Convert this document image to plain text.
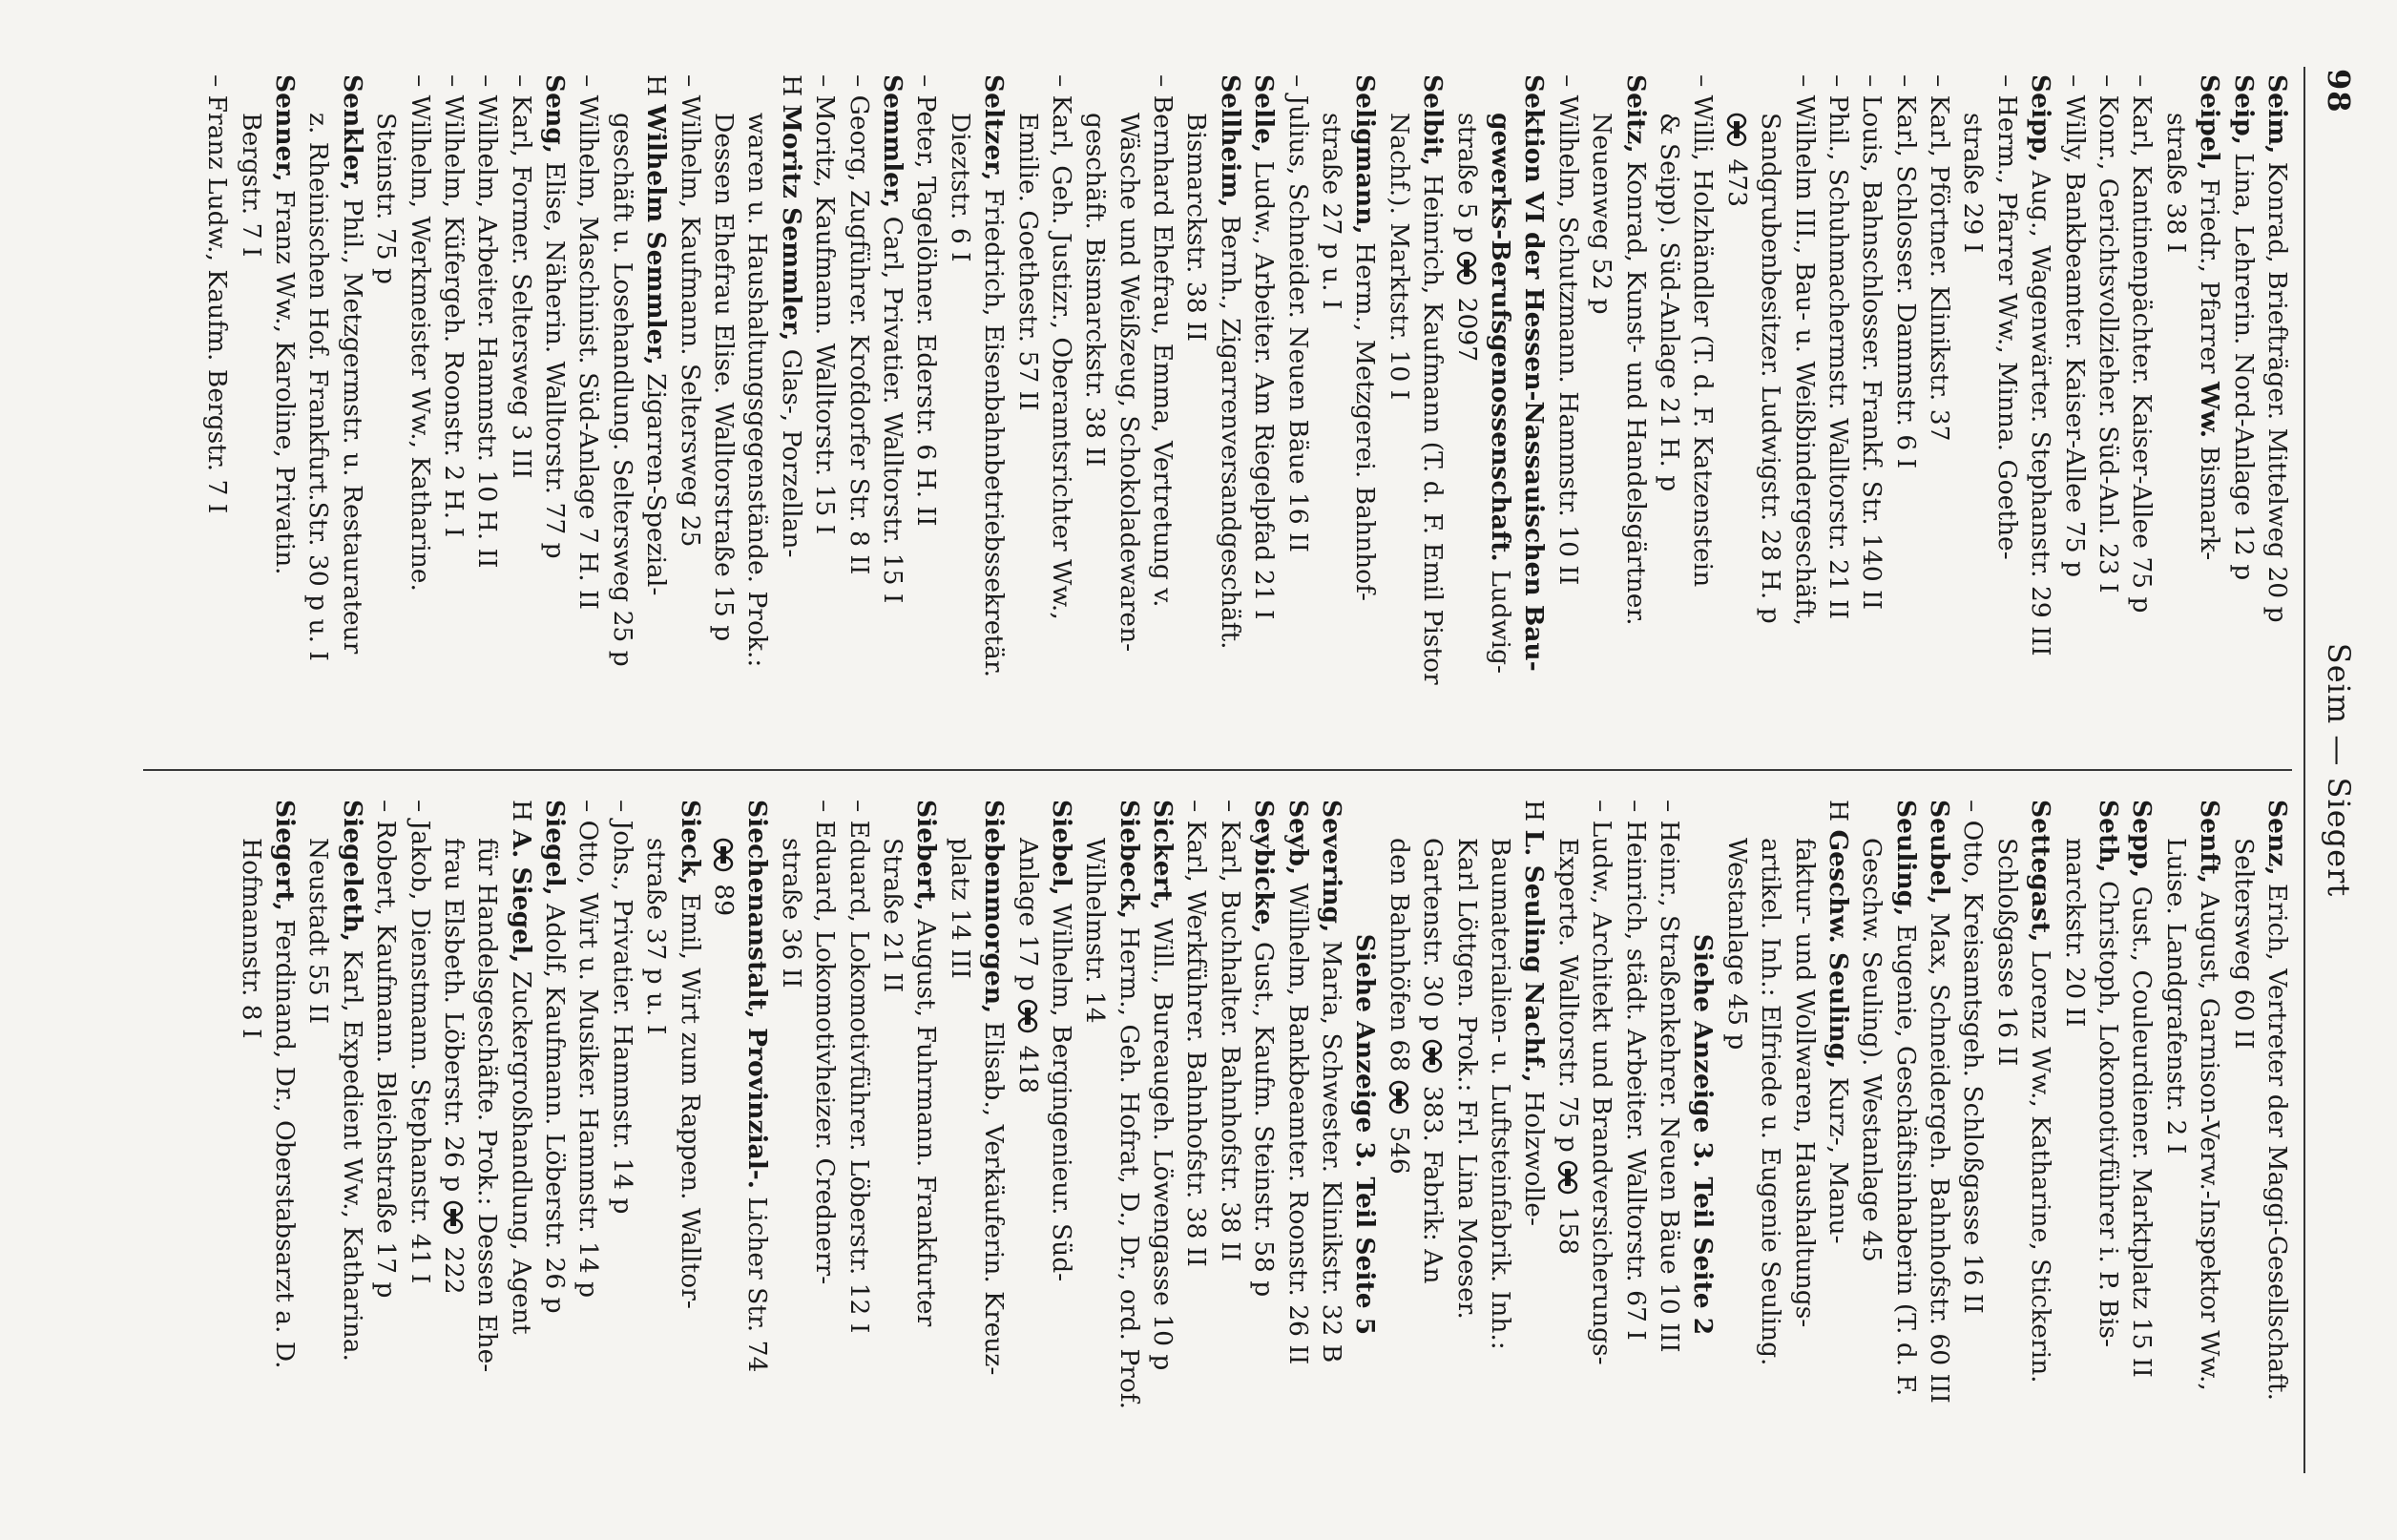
98
Seim — Siegert
Seim, Konrad, Briefträger. Mittelweg 20 p
Seip, Lina, Lehrerin. Nord-Anlage 12 p
Seipel, Friedr., Pfarrer Ww. Bismark-
straße 38 I
– Karl, Kantinenpächter. Kaiser-Allee 75 p
– Konr., Gerichtsvollzieher. Süd-Anl. 23 I
– Willy, Bankbeamter. Kaiser-Allee 75 p
Seipp, Aug., Wagenwärter. Stephanstr. 29 III
– Herm., Pfarrer Ww., Minna. Goethe-
straße 29 I
– Karl, Pförtner. Klinikstr. 37
– Karl, Schlosser. Dammstr. 6 I
– Louis, Bahnschlosser. Frankf. Str. 140 II
– Phil., Schuhmachermstr. Walltorstr. 21 II
– Wilhelm III., Bau- u. Weißbindergeschäft,
Sandgrubenbesitzer. Ludwigstr. 28 H. p
473
– Willi, Holzhändler (T. d. F. Katzenstein
& Seipp). Süd-Anlage 21 H. p
Seitz, Konrad, Kunst- und Handelsgärtner.
Neuenweg 52 p
– Wilhelm, Schutzmann. Hammstr. 10 II
Sektion VI der Hessen-Nassauischen Bau-
gewerks-Berufsgenossenschaft. Ludwig-
straße 5 p  2097
Selbit, Heinrich, Kaufmann (T. d. F. Emil Pistor
Nachf.). Marktstr. 10 I
Seligmann, Herm., Metzgerei. Bahnhof-
straße 27 p u. I
– Julius, Schneider. Neuen Bäue 16 II
Selle, Ludw., Arbeiter. Am Riegelpfad 21 I
Sellheim, Bernh., Zigarrenversandgeschäft.
Bismarckstr. 38 II
– Bernhard Ehefrau, Emma, Vertretung v.
Wäsche und Weißzeug, Schokoladewaren-
geschäft. Bismarckstr. 38 II
– Karl, Geh. Justizr., Oberamtsrichter Ww.,
Emilie. Goethestr. 57 II
Seltzer, Friedrich, Eisenbahnbetriebssekretär.
Dieztstr. 6 I
– Peter, Tagelöhner. Ederstr. 6 H. II
Semmler, Carl, Privatier. Walltorstr. 15 I
– Georg, Zugführer. Krofdorfer Str. 8 II
– Moritz, Kaufmann. Walltorstr. 15 I
H Moritz Semmler, Glas-, Porzellan-
waren u. Haushaltungsgegenstände. Prok.:
Dessen Ehefrau Elise. Walltorstraße 15 p
– Wilhelm, Kaufmann. Seltersweg 25
H Wilhelm Semmler, Zigarren-Spezial-
geschäft u. Losehandlung. Seltersweg 25 p
– Wilhelm, Maschinist. Süd-Anlage 7 H. II
Seng, Elise, Näherin. Walltorstr. 77 p
– Karl, Former. Seltersweg 3 III
– Wilhelm, Arbeiter. Hammstr. 10 H. II
– Wilhelm, Küfergeh. Roonstr. 2 H. I
– Wilhelm, Werkmeister Ww., Katharine.
Steinstr. 75 p
Senkler, Phil., Metzgermstr. u. Restaurateur
z. Rheinischen Hof. Frankfurt.Str. 30 p u. I
Senner, Franz Ww., Karoline, Privatin.
Bergstr. 7 I
– Franz Ludw., Kaufm. Bergstr. 7 I
Senz, Erich, Vertreter der Maggi-Gesellschaft.
Seltersweg 60 II
Senft, August, Garnison-Verw.-Inspektor Ww.,
Luise. Landgrafenstr. 2 I
Sepp, Gust., Couleurdiener. Marktplatz 15 II
Seth, Christoph, Lokomotivführer i. P. Bis-
marckstr. 20 II
Settegast, Lorenz Ww., Katharine, Stickerin.
Schloßgasse 16 II
– Otto, Kreisamtsgeh. Schloßgasse 16 II
Seubel, Max, Schneidergeh. Bahnhofstr. 60 III
Seuling, Eugenie, Geschäftsinhaberin (T. d. F.
Geschw. Seuling). Westanlage 45
H Geschw. Seuling, Kurz-, Manu-
faktur- und Wollwaren, Haushaltungs-
artikel. Inh.: Elfriede u. Eugenie Seuling.
Westanlage 45 p
Siehe Anzeige 3. Teil Seite 2
– Heinr., Straßenkehrer. Neuen Bäue 10 III
– Heinrich, städt. Arbeiter. Walltorstr. 67 I
– Ludw., Architekt und Brandversicherungs-
Experte. Walltorstr. 75 p  158
H L. Seuling Nachf., Holzwolle-
Baumaterialien- u. Luftsteinfabrik. Inh.:
Karl Löttgen. Prok.: Frl. Lina Moeser.
Gartenstr. 30 p  383. Fabrik: An
den Bahnhöfen 68  546
Siehe Anzeige 3. Teil Seite 5
Severing, Maria, Schwester. Klinikstr. 32 B
Seyb, Wilhelm, Bankbeamter. Roonstr. 26 II
Seybicke, Gust., Kaufm. Steinstr. 58 p
– Karl, Buchhalter. Bahnhofstr. 38 II
– Karl, Werkführer. Bahnhofstr. 38 II
Sickert, Will., Bureaugeh. Löwengasse 10 p
Siebeck, Herm., Geh. Hofrat, D., Dr., ord. Prof.
Wilhelmstr. 14
Siebel, Wilhelm, Bergingenieur. Süd-
Anlage 17 p  418
Siebenmorgen, Elisab., Verkäuferin. Kreuz-
platz 14 III
Siebert, August, Fuhrmann. Frankfurter
Straße 21 II
– Eduard, Lokomotivführer. Löberstr. 12 I
– Eduard, Lokomotivheizer. Crednerr-
straße 36 II
Siechenanstalt, Provinzial-. Licher Str. 74
89
Sieck, Emil, Wirt zum Rappen. Walltor-
straße 37 p u. I
– Johs., Privatier. Hammstr. 14 p
– Otto, Wirt u. Musiker. Hammstr. 14 p
Siegel, Adolf, Kaufmann. Löberstr. 26 p
H A. Siegel, Zuckergroßhandlung, Agent
für Handelsgeschäfte. Prok.: Dessen Ehe-
frau Elsbeth. Löberstr. 26 p  222
– Jakob, Dienstmann. Stephanstr. 41 I
– Robert, Kaufmann. Bleichstraße 17 p
Siegeleth, Karl, Expedient Ww., Katharina.
Neustadt 55 II
Siegert, Ferdinand, Dr., Oberstabsarzt a. D.
Hofmannstr. 8 I
